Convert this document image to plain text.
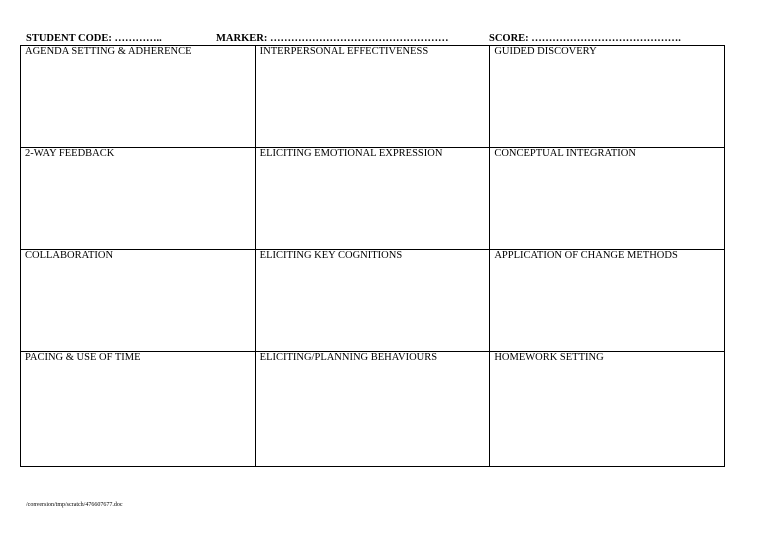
STUDENT CODE: …………..	MARKER: ……………………………………………	SCORE: …………………………………….
AGENDA SETTING & ADHERENCE	INTERPERSONAL EFFECTIVENESS	GUIDED DISCOVERY
2-WAY FEEDBACK	ELICITING EMOTIONAL EXPRESSION	CONCEPTUAL INTEGRATION
COLLABORATION	ELICITING KEY COGNITIONS	APPLICATION OF CHANGE METHODS
PACING & USE OF TIME	ELICITING/PLANNING BEHAVIOURS	HOMEWORK SETTING
/conversion/tmp/scratch/476607677.doc
